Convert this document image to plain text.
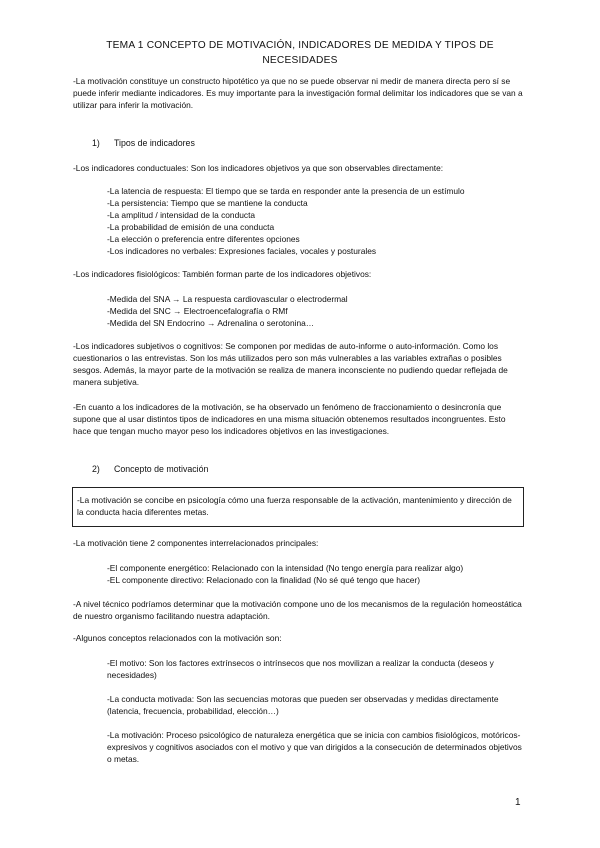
TEMA 1 CONCEPTO DE MOTIVACIÓN, INDICADORES DE MEDIDA Y TIPOS DE NECESIDADES
-La motivación constituye un constructo hipotético ya que no se puede observar ni medir de manera directa pero sí se puede inferir mediante indicadores. Es muy importante para la investigación formal delimitar los indicadores que se van a utilizar para inferir la motivación.
1) Tipos de indicadores
-Los indicadores conductuales: Son los indicadores objetivos ya que son observables directamente:
-La latencia de respuesta: El tiempo que se tarda en responder ante la presencia de un estímulo
-La persistencia: Tiempo que se mantiene la conducta
-La amplitud / intensidad de la conducta
-La probabilidad de emisión de una conducta
-La elección o preferencia entre diferentes opciones
-Los indicadores no verbales: Expresiones faciales, vocales y posturales
-Los indicadores fisiológicos: También forman parte de los indicadores objetivos:
-Medida del SNA → La respuesta cardiovascular o electrodermal
-Medida del SNC → Electroencefalografía o RMf
-Medida del SN Endocrino → Adrenalina o serotonina…
-Los indicadores subjetivos o cognitivos: Se componen por medidas de auto-informe o auto-información. Como los cuestionarios o las entrevistas. Son los más utilizados pero son más vulnerables a las variables extrañas o posibles sesgos. Además, la mayor parte de la motivación se realiza de manera inconsciente no pudiendo quedar reflejada de manera subjetiva.
-En cuanto a los indicadores de la motivación, se ha observado un fenómeno de fraccionamiento o desincronía que supone que al usar distintos tipos de indicadores en una misma situación obtenemos resultados incongruentes. Esto hace que tengan mucho mayor peso los indicadores objetivos en las investigaciones.
2) Concepto de motivación
-La motivación se concibe en psicología cómo una fuerza responsable de la activación, mantenimiento y dirección de la conducta hacia diferentes metas.
-La motivación tiene 2 componentes interrelacionados principales:
-El componente energético: Relacionado con la intensidad (No tengo energía para realizar algo)
-EL componente directivo: Relacionado con la finalidad (No sé qué tengo que hacer)
-A nivel técnico podríamos determinar que la motivación compone uno de los mecanismos de la regulación homeostática de nuestro organismo facilitando nuestra adaptación.
-Algunos conceptos relacionados con la motivación son:
-El motivo: Son los factores extrínsecos o intrínsecos que nos movilizan a realizar la conducta (deseos y necesidades)
-La conducta motivada: Son las secuencias motoras que pueden ser observadas y medidas directamente (latencia, frecuencia, probabilidad, elección…)
-La motivación: Proceso psicológico de naturaleza energética que se inicia con cambios fisiológicos, motóricos-expresivos y cognitivos asociados con el motivo y que van dirigidos a la consecución de determinados objetivos o metas.
1
